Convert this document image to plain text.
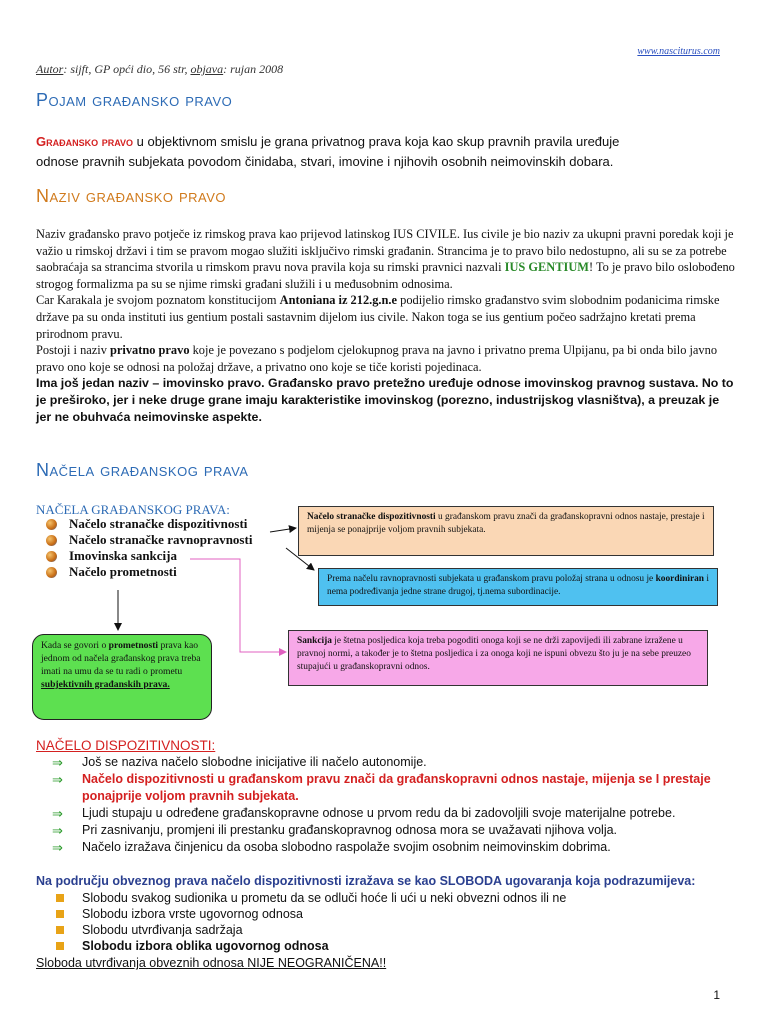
www.nasciturus.com
Autor: sijft, GP opći dio, 56 str, objava: rujan 2008
Pojam građansko pravo
Građansko pravo u objektivnom smislu je grana privatnog prava koja kao skup pravnih pravila uređuje
odnose pravnih subjekata povodom činidaba, stvari, imovine i njihovih osobnih neimovinskih dobara.
Naziv građansko pravo
Naziv građansko pravo potječe iz rimskog prava kao prijevod latinskog IUS CIVILE. Ius civile je bio naziv za ukupni pravni poredak koji je važio u rimskoj državi i tim se pravom mogao služiti isključivo rimski građanin. Strancima je to pravo bilo nedostupno, ali su se za potrebe saobraćaja sa strancima stvorila u rimskom pravu nova pravila koja su rimski pravnici nazvali IUS GENTIUM! To je pravo bilo oslobođeno strogog formalizma pa su se njime rimski građani služili i u međusobnim odnosima.
Car Karakala je svojom poznatom konstitucijom Antoniana iz 212.g.n.e podijelio rimsko građanstvo svim slobodnim podanicima rimske države pa su onda instituti ius gentium postali sastavnim dijelom ius civile. Nakon toga se ius gentium počeo sadržajno kretati prema prirodnom pravu.
Postoji i naziv privatno pravo koje je povezano s podjelom cjelokupnog prava na javno i privatno prema Ulpijanu, pa bi onda bilo javno pravo ono koje se odnosi na položaj države, a privatno ono koje se tiče koristi pojedinaca.
Ima još jedan naziv – imovinsko pravo. Građansko pravo pretežno uređuje odnose imovinskog pravnog sustava. No to je preširoko, jer i neke druge grane imaju karakteristike imovinskog (porezno, industrijskog vlasništva), a preuzak je jer ne obuhvaća neimovinske aspekte.
Načela građanskog prava
NAČELA GRAĐANSKOG PRAVA:
Načelo stranačke dispozitivnosti
Načelo stranačke ravnopravnosti
Imovinska sankcija
Načelo prometnosti
Načelo stranačke dispozitivnosti u građanskom pravu znači da građanskopravni odnos nastaje, prestaje i mijenja se ponajprije voljom pravnih subjekata.
Prema načelu ravnopravnosti subjekata u građanskom pravu položaj strana u odnosu je koordiniran i nema podređivanja jedne strane drugoj, tj.nema subordinacije.
Sankcija je štetna posljedica koja treba pogoditi onoga koji se ne drži zapovijedi ili zabrane izražene u pravnoj normi, a također je to štetna posljedica i za onoga koji ne ispuni obvezu što ju je na sebe preuzeo stupajući u građanskopravni odnos.
Kada se govori o prometnosti prava kao jednom od načela građanskog prava treba imati na umu da se tu radi o prometu subjektivnih građanskih prava.
NAČELO DISPOZITIVNOSTI:
⇒	Još se naziva načelo slobodne inicijative ili načelo autonomije.
⇒	Načelo dispozitivnosti u građanskom pravu znači da građanskopravni odnos nastaje, mijenja se I prestaje ponajprije voljom pravnih subjekata.
⇒	Ljudi stupaju u određene građanskopravne odnose u prvom redu da bi zadovoljili svoje materijalne potrebe.
⇒	Pri zasnivanju, promjeni ili prestanku građanskopravnog odnosa mora se uvažavati njihova volja.
⇒	Načelo izražava činjenicu da osoba slobodno raspolaže svojim osobnim neimovinskim dobrima.
Na području obveznog prava načelo dispozitivnosti izražava se kao SLOBODA ugovaranja koja podrazumijeva:
Slobodu svakog sudionika u prometu da se odluči hoće li ući u neki obvezni odnos ili ne
Slobodu izbora vrste ugovornog odnosa
Slobodu utvrđivanja sadržaja
Slobodu izbora oblika ugovornog odnosa
Sloboda utvrđivanja obveznih odnosa NIJE NEOGRANIČENA!!
1
